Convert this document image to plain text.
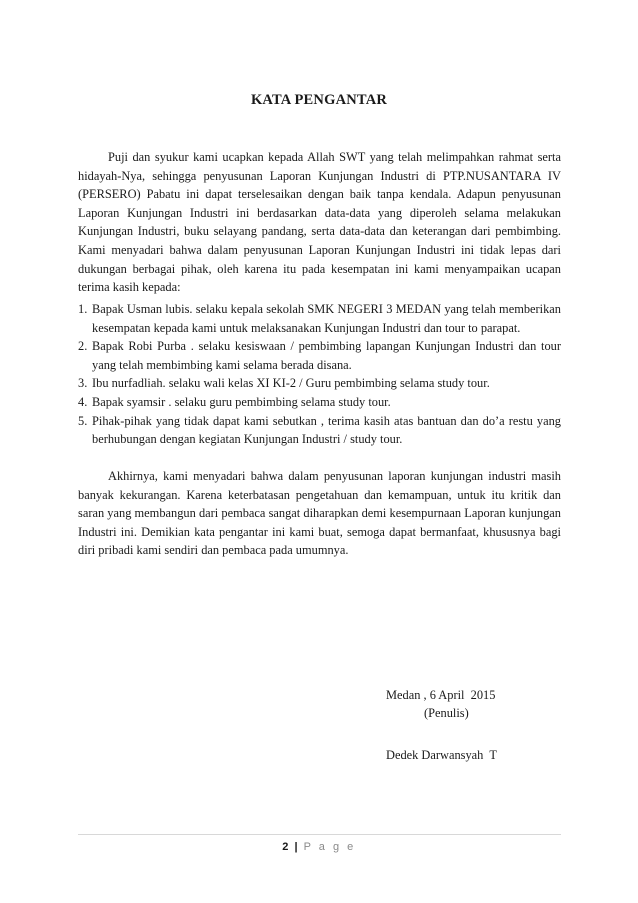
KATA PENGANTAR

Puji dan syukur kami ucapkan kepada Allah SWT yang telah melimpahkan rahmat serta hidayah-Nya, sehingga penyusunan Laporan Kunjungan Industri di PTP.NUSANTARA IV (PERSERO) Pabatu ini dapat terselesaikan dengan baik tanpa kendala. Adapun penyusunan Laporan Kunjungan Industri ini berdasarkan data-data yang diperoleh selama melakukan Kunjungan Industri, buku selayang pandang, serta data-data dan keterangan dari pembimbing. Kami menyadari bahwa dalam penyusunan Laporan Kunjungan Industri ini tidak lepas dari dukungan berbagai pihak, oleh karena itu pada kesempatan ini kami menyampaikan ucapan terima kasih kepada:

1. Bapak Usman lubis. selaku kepala sekolah SMK NEGERI 3 MEDAN yang telah memberikan kesempatan kepada kami untuk melaksanakan Kunjungan Industri dan tour to parapat.
2. Bapak Robi Purba . selaku kesiswaan / pembimbing lapangan Kunjungan Industri dan tour yang telah membimbing kami selama berada disana.
3. Ibu nurfadliah. selaku wali kelas XI KI-2 / Guru pembimbing selama study tour.
4. Bapak syamsir . selaku guru pembimbing selama study tour.
5. Pihak-pihak yang tidak dapat kami sebutkan , terima kasih atas bantuan dan do’a restu yang berhubungan dengan kegiatan Kunjungan Industri / study tour.

Akhirnya, kami menyadari bahwa dalam penyusunan laporan kunjungan industri masih banyak kekurangan. Karena keterbatasan pengetahuan dan kemampuan, untuk itu kritik dan saran yang membangun dari pembaca sangat diharapkan demi kesempurnaan Laporan kunjungan Industri ini. Demikian kata pengantar ini kami buat, semoga dapat bermanfaat, khususnya bagi diri pribadi kami sendiri dan pembaca pada umumnya.

Medan , 6 April  2015
(Penulis)
Dedek Darwansyah  T
2 | P a g e
